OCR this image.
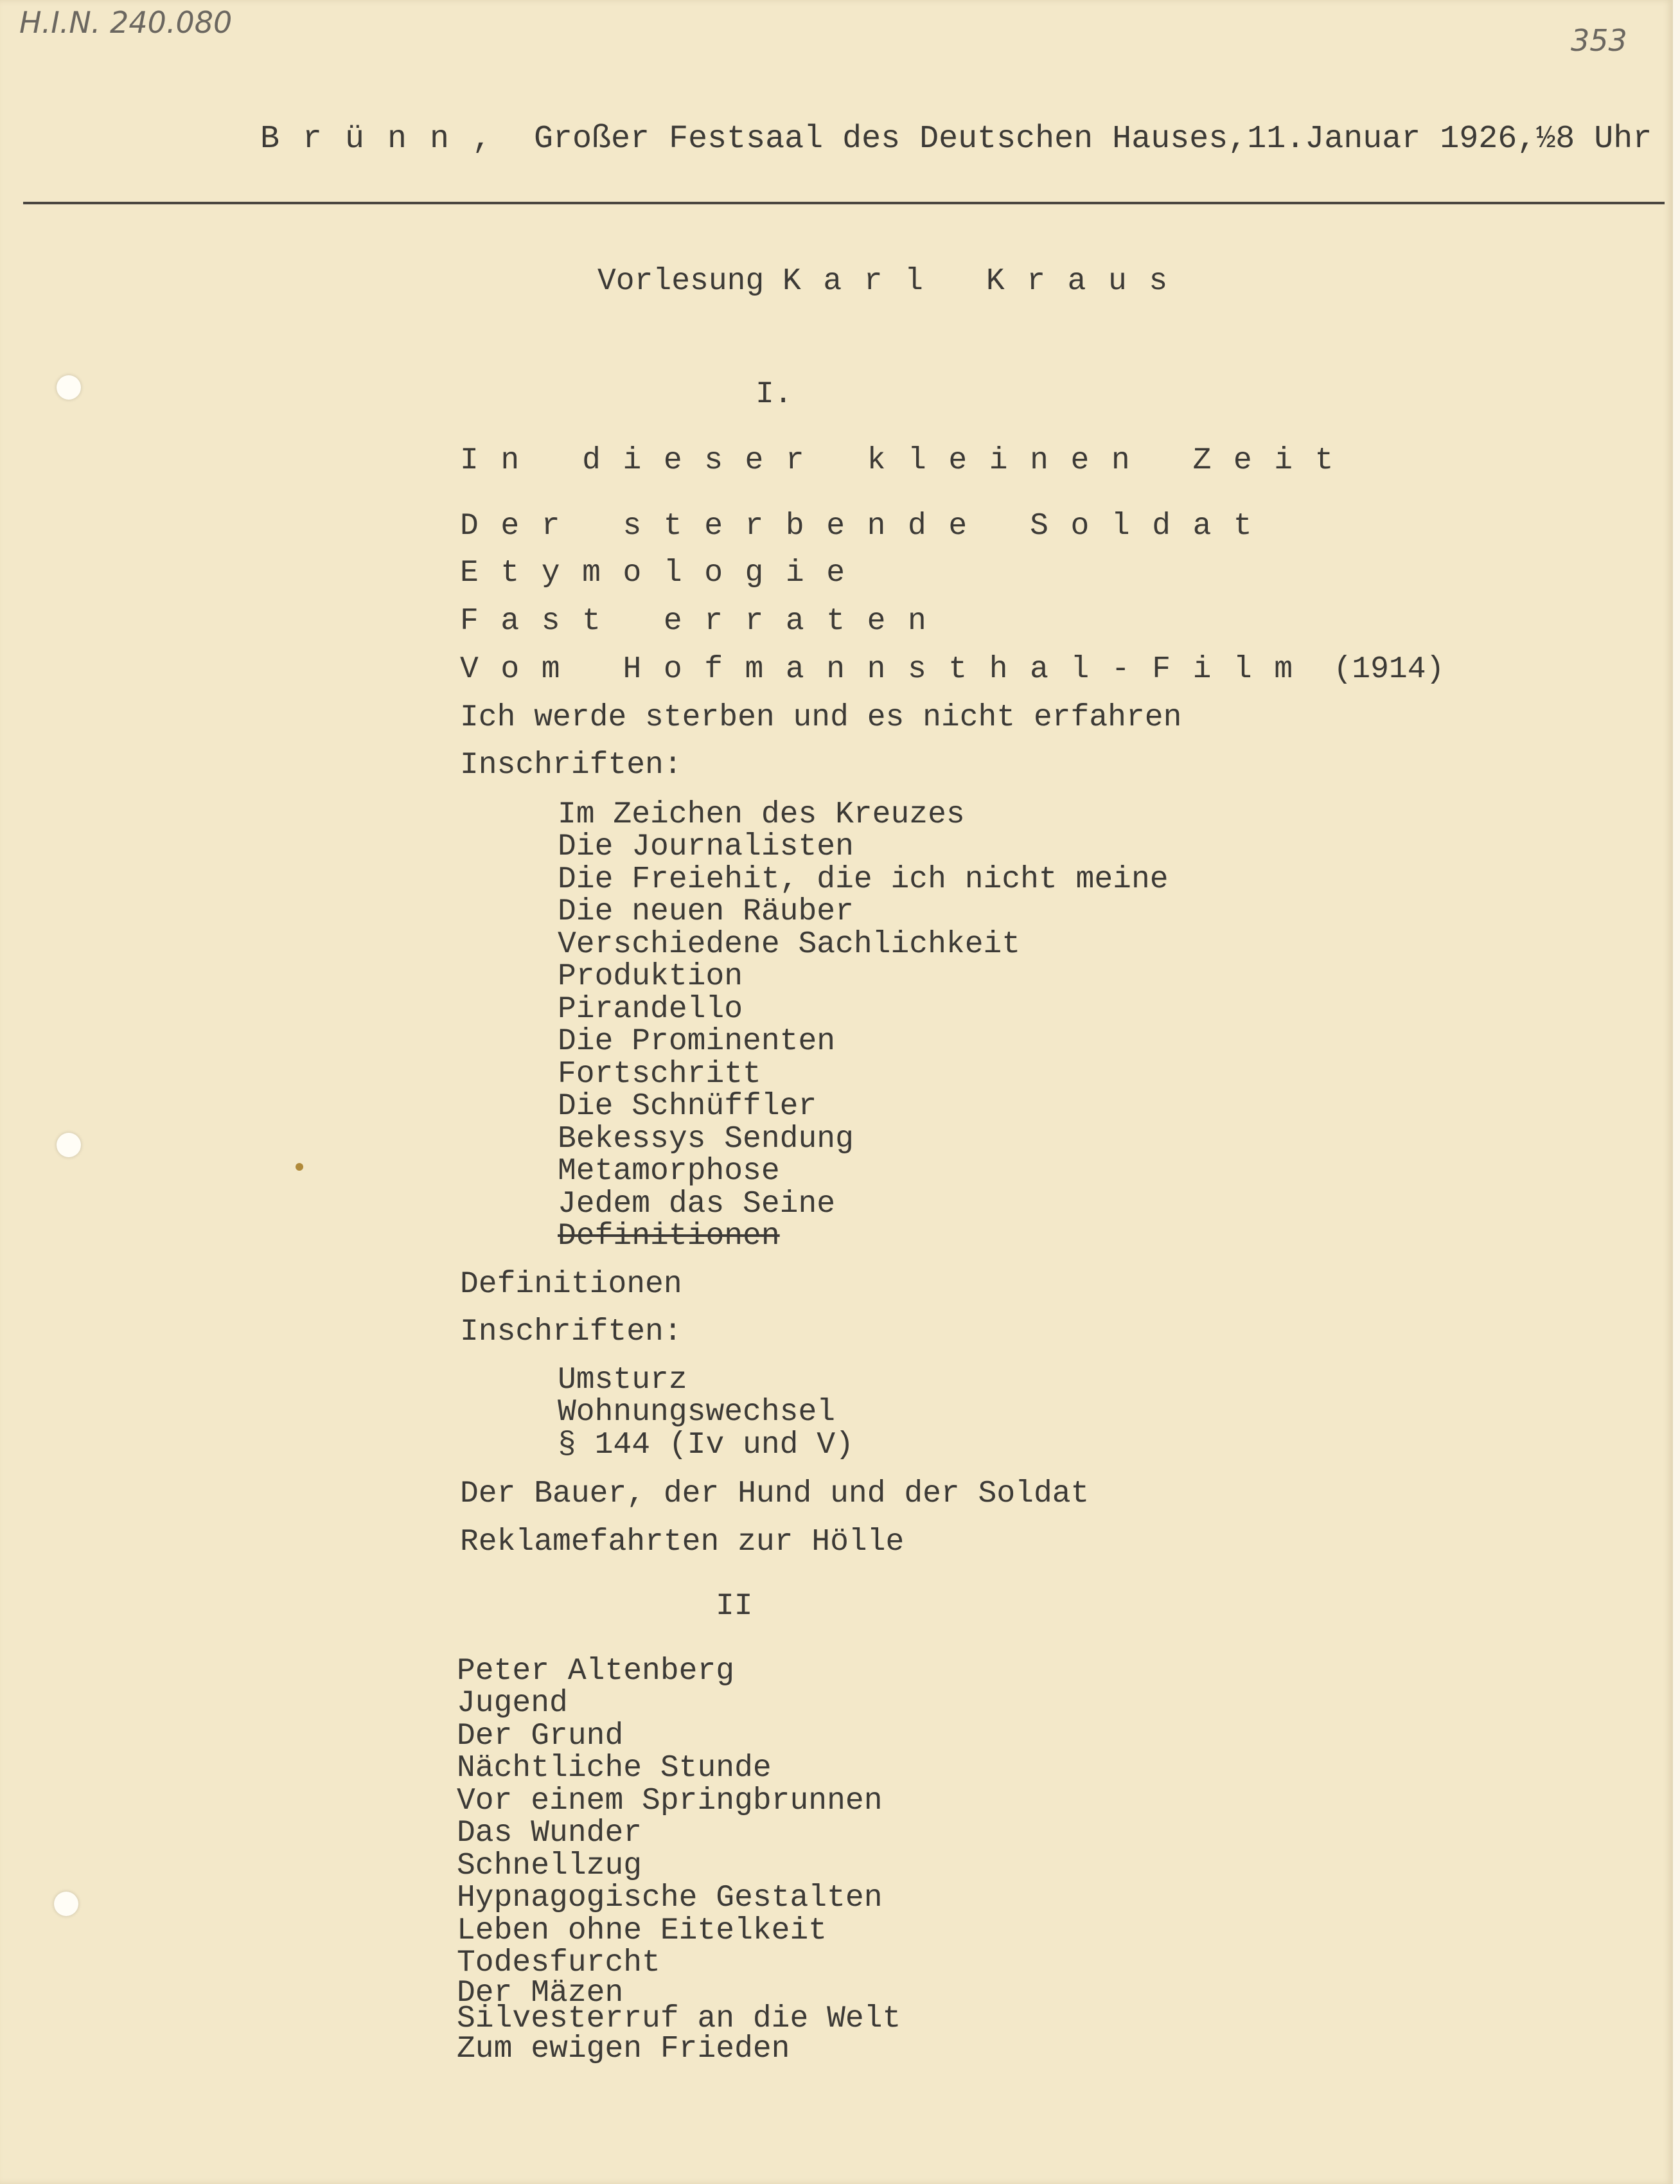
H.I.N. 240.080
353
Brünn, Großer Festsaal des Deutschen Hauses,11.Januar 1926,½8 Uhr
Vorlesung Karl Kraus
I.
In dieser kleinen Zeit
Der sterbende Soldat
Etymologie
Fast erraten
Vom Hofmannsthal-Film (1914)
Ich werde sterben und es nicht erfahren
Inschriften:
Im Zeichen des Kreuzes
Die Journalisten
Die Freiehit, die ich nicht meine
Die neuen Räuber
Verschiedene Sachlichkeit
Produktion
Pirandello
Die Prominenten
Fortschritt
Die Schnüffler
Bekessys Sendung
Metamorphose
Jedem das Seine
Definitionen
Definitionen
Inschriften:
Umsturz
Wohnungswechsel
§ 144 (Iv und V)
Der Bauer, der Hund und der Soldat
Reklamefahrten zur Hölle
II
Peter Altenberg
Jugend
Der Grund
Nächtliche Stunde
Vor einem Springbrunnen
Das Wunder
Schnellzug
Hypnagogische Gestalten
Leben ohne Eitelkeit
Todesfurcht
Der Mäzen
Silvesterruf an die Welt
Zum ewigen Frieden
